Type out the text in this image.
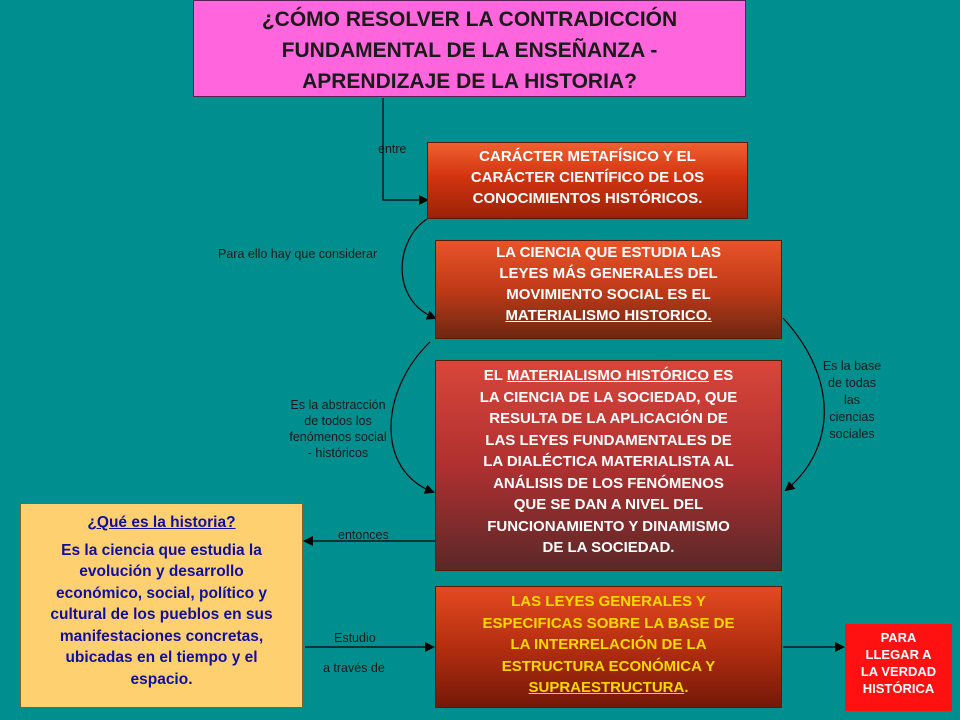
¿CÓMO RESOLVER LA CONTRADICCIÓN
FUNDAMENTAL DE LA ENSEÑANZA -
APRENDIZAJE DE LA HISTORIA?
entre
Para ello hay que considerar
Es la abstracción
de todos los
fenómenos social
- históricos
Es la base
de todas
las
ciencias
sociales
entonces
Estudio
a través de
CARÁCTER METAFÍSICO Y EL
CARÁCTER CIENTÍFICO DE LOS
CONOCIMIENTOS HISTÓRICOS.
LA CIENCIA QUE ESTUDIA LAS
LEYES MÁS GENERALES DEL
MOVIMIENTO SOCIAL ES EL
MATERIALISMO HISTORICO.
EL MATERIALISMO HISTÓRICO ES
LA CIENCIA DE LA SOCIEDAD, QUE
RESULTA DE LA APLICACIÓN DE
LAS LEYES FUNDAMENTALES DE
LA DIALÉCTICA MATERIALISTA AL
ANÁLISIS DE LOS FENÓMENOS
QUE SE DAN A NIVEL DEL
FUNCIONAMIENTO Y DINAMISMO
DE LA SOCIEDAD.
LAS LEYES GENERALES Y
ESPECIFICAS SOBRE LA BASE DE
LA INTERRELACIÓN DE LA
ESTRUCTURA ECONÓMICA Y
SUPRAESTRUCTURA.
PARA
LLEGAR A
LA VERDAD
HISTÓRICA
¿Qué es la historia?
Es la ciencia que estudia la
evolución y desarrollo
económico, social, político y
cultural de los pueblos en sus
manifestaciones concretas,
ubicadas en el tiempo y el
espacio.
